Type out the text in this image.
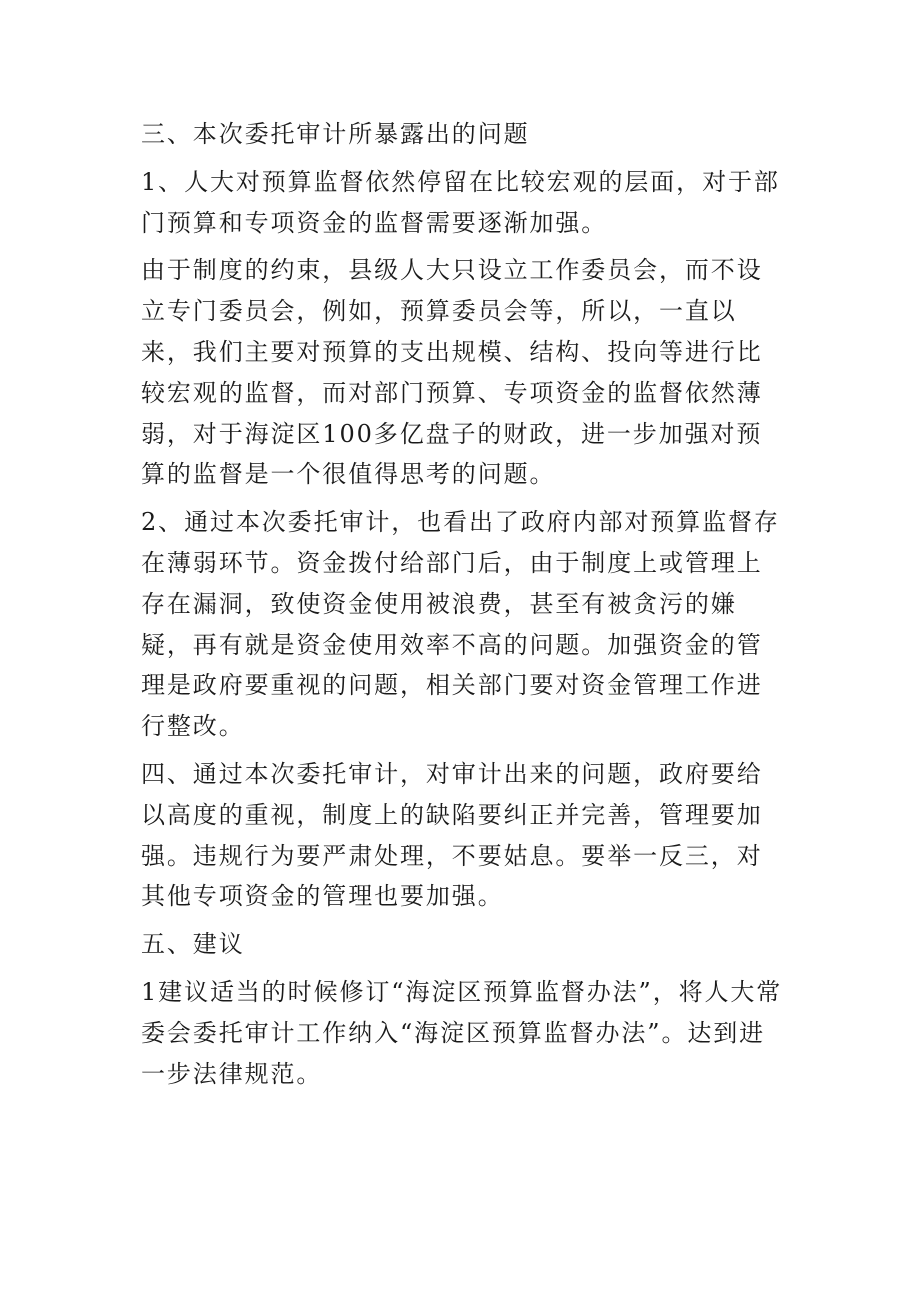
三、本次委托审计所暴露出的问题

1、人大对预算监督依然停留在比较宏观的层面，对于部门预算和专项资金的监督需要逐渐加强。

由于制度的约束，县级人大只设立工作委员会，而不设立专门委员会，例如，预算委员会等，所以，一直以来，我们主要对预算的支出规模、结构、投向等进行比较宏观的监督，而对部门预算、专项资金的监督依然薄弱，对于海淀区100多亿盘子的财政，进一步加强对预算的监督是一个很值得思考的问题。

2、通过本次委托审计，也看出了政府内部对预算监督存在薄弱环节。资金拨付给部门后，由于制度上或管理上存在漏洞，致使资金使用被浪费，甚至有被贪污的嫌疑，再有就是资金使用效率不高的问题。加强资金的管理是政府要重视的问题，相关部门要对资金管理工作进行整改。

四、通过本次委托审计，对审计出来的问题，政府要给以高度的重视，制度上的缺陷要纠正并完善，管理要加强。违规行为要严肃处理，不要姑息。要举一反三，对其他专项资金的管理也要加强。

五、建议

1建议适当的时候修订“海淀区预算监督办法”，将人大常委会委托审计工作纳入“海淀区预算监督办法”。达到进一步法律规范。
